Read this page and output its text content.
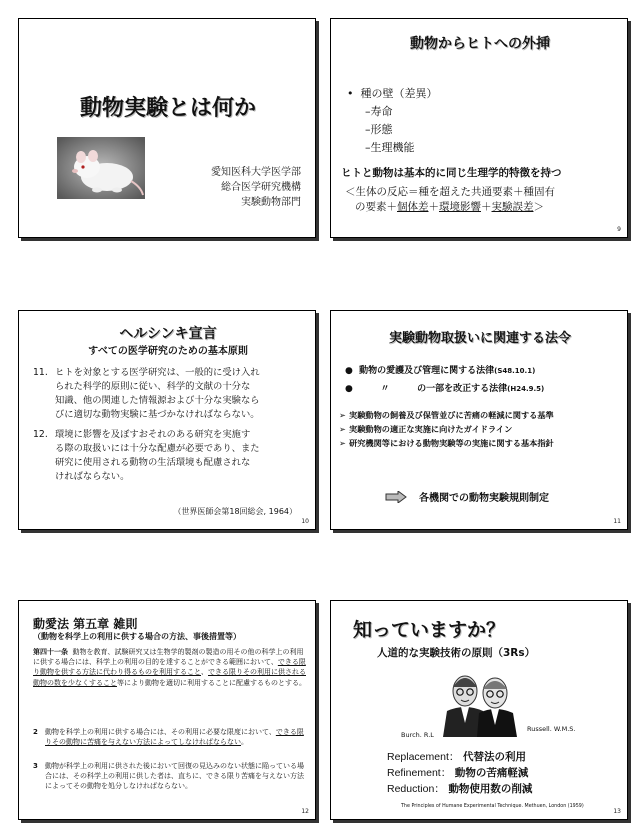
動物実験とは何か
愛知医科大学医学部
総合医学研究機構
実験動物部門
動物からヒトへの外挿
• 種の壁（差異）
–寿命
–形態
–生理機能
ヒトと動物は基本的に同じ生理学的特徴を持つ
＜生体の反応＝種を超えた共通要素＋種固有
の要素＋個体差＋環境影響＋実験誤差＞
9
ヘルシンキ宣言
すべての医学研究のための基本原則
11. ヒトを対象とする医学研究は、一般的に受け入れ
られた科学的原則に従い、科学的文献の十分な
知識、他の関連した情報源および十分な実験なら
びに適切な動物実験に基づかなければならない。
12. 環境に影響を及ぼすおそれのある研究を実施す
る際の取扱いには十分な配慮が必要であり、また
研究に使用される動物の生活環境も配慮されな
ければならない。
（世界医師会第18回総会, 1964）
10
実験動物取扱いに関連する法令
● 動物の愛護及び管理に関する法律(S48.10.1)
●	〃	の一部を改正する法律(H24.9.5)
➢ 実験動物の飼養及び保管並びに苦痛の軽減に関する基準
➢ 実験動物の適正な実施に向けたガイドライン
➢ 研究機関等における動物実験等の実施に関する基本指針
各機関での動物実験規則制定
11
動愛法 第五章 雑則
（動物を科学上の利用に供する場合の方法、事後措置等）
第四十一条 動物を教育、試験研究又は生物学的製剤の製造の用その他の科学上の利用に供する場合には、科学上の利用の目的を達することができる範囲において、できる限り動物を供する方法に代わり得るものを利用すること、できる限りその利用に供される動物の数を少なくすること等により動物を適切に利用することに配慮するものとする。
2	動物を科学上の利用に供する場合には、その利用に必要な限度において、できる限りその動物に苦痛を与えない方法によってしなければならない。
3	動物が科学上の利用に供された後において回復の見込みのない状態に陥っている場合には、その科学上の利用に供した者は、直ちに、できる限り苦痛を与えない方法によってその動物を処分しなければならない。
12
知っていますか？
人道的な実験技術の原則（3Rs）
Burch. R.L
Russell. W.M.S.
Replacement： 代替法の利用
Refinement： 動物の苦痛軽減
Reduction： 動物使用数の削減
The Principles of Humane Experimental Technique. Methuen, London (1959)
13
